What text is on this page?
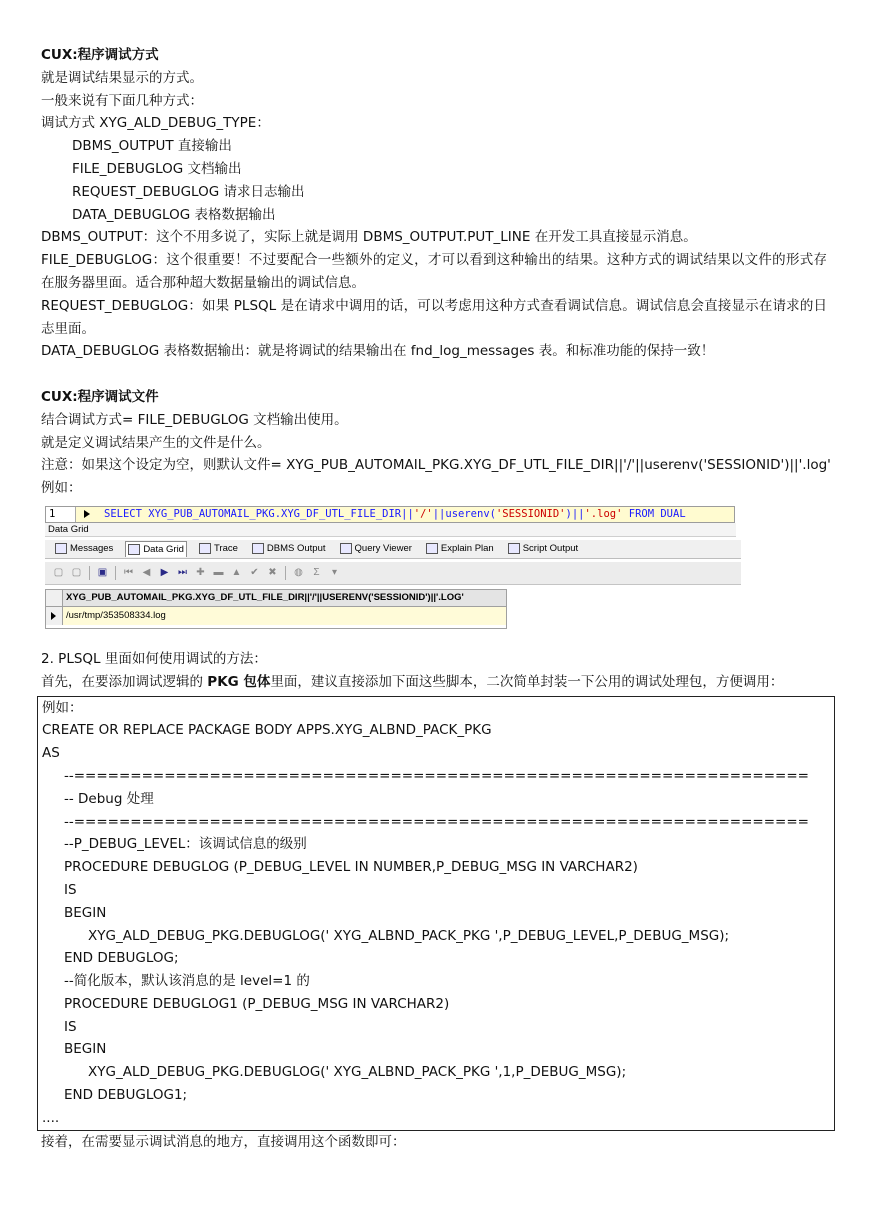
CUX:程序调试方式
就是调试结果显示的方式。
一般来说有下面几种方式：
调试方式 XYG_ALD_DEBUG_TYPE：
DBMS_OUTPUT 直接输出
FILE_DEBUGLOG 文档输出
REQUEST_DEBUGLOG 请求日志输出
DATA_DEBUGLOG 表格数据输出
DBMS_OUTPUT：这个不用多说了，实际上就是调用 DBMS_OUTPUT.PUT_LINE 在开发工具直接显示消息。
FILE_DEBUGLOG：这个很重要！不过要配合一些额外的定义，才可以看到这种输出的结果。这种方式的调试结果以文件的形式存在服务器里面。适合那种超大数据量输出的调试信息。
REQUEST_DEBUGLOG：如果 PLSQL 是在请求中调用的话，可以考虑用这种方式查看调试信息。调试信息会直接显示在请求的日志里面。
DATA_DEBUGLOG 表格数据输出：就是将调试的结果输出在 fnd_log_messages 表。和标准功能的保持一致！
CUX:程序调试文件
结合调试方式= FILE_DEBUGLOG 文档输出使用。
就是定义调试结果产生的文件是什么。
注意：如果这个设定为空，则默认文件= XYG_PUB_AUTOMAIL_PKG.XYG_DF_UTL_FILE_DIR||'/'||userenv('SESSIONID')||'.log'
例如：
1	SELECT XYG_PUB_AUTOMAIL_PKG.XYG_DF_UTL_FILE_DIR||'/'||userenv('SESSIONID')||'.log' FROM DUAL
Data Grid
Messages	Data Grid	Trace	DBMS Output	Query Viewer	Explain Plan	Script Output
▢ ▢ ▣ ⏮ ◀ ▶ ⏭ ✚ ▬ ▲ ✔ ✖ ◍ Σ ▾
XYG_PUB_AUTOMAIL_PKG.XYG_DF_UTL_FILE_DIR||'/'||USERENV('SESSIONID')||'.LOG'
/usr/tmp/353508334.log
2. PLSQL 里面如何使用调试的方法：
首先，在要添加调试逻辑的 PKG 包体里面，建议直接添加下面这些脚本，二次简单封装一下公用的调试处理包，方便调用：
例如：
CREATE OR REPLACE PACKAGE BODY APPS.XYG_ALBND_PACK_PKG
AS
--=================================================================
-- Debug 处理
--=================================================================
--P_DEBUG_LEVEL：该调试信息的级别
PROCEDURE DEBUGLOG (P_DEBUG_LEVEL IN NUMBER,P_DEBUG_MSG IN VARCHAR2)
IS
BEGIN
XYG_ALD_DEBUG_PKG.DEBUGLOG(' XYG_ALBND_PACK_PKG ',P_DEBUG_LEVEL,P_DEBUG_MSG);
END DEBUGLOG;
--简化版本，默认该消息的是 level=1 的
PROCEDURE DEBUGLOG1 (P_DEBUG_MSG IN VARCHAR2)
IS
BEGIN
XYG_ALD_DEBUG_PKG.DEBUGLOG(' XYG_ALBND_PACK_PKG ',1,P_DEBUG_MSG);
END DEBUGLOG1;
....
接着，在需要显示调试消息的地方，直接调用这个函数即可：
